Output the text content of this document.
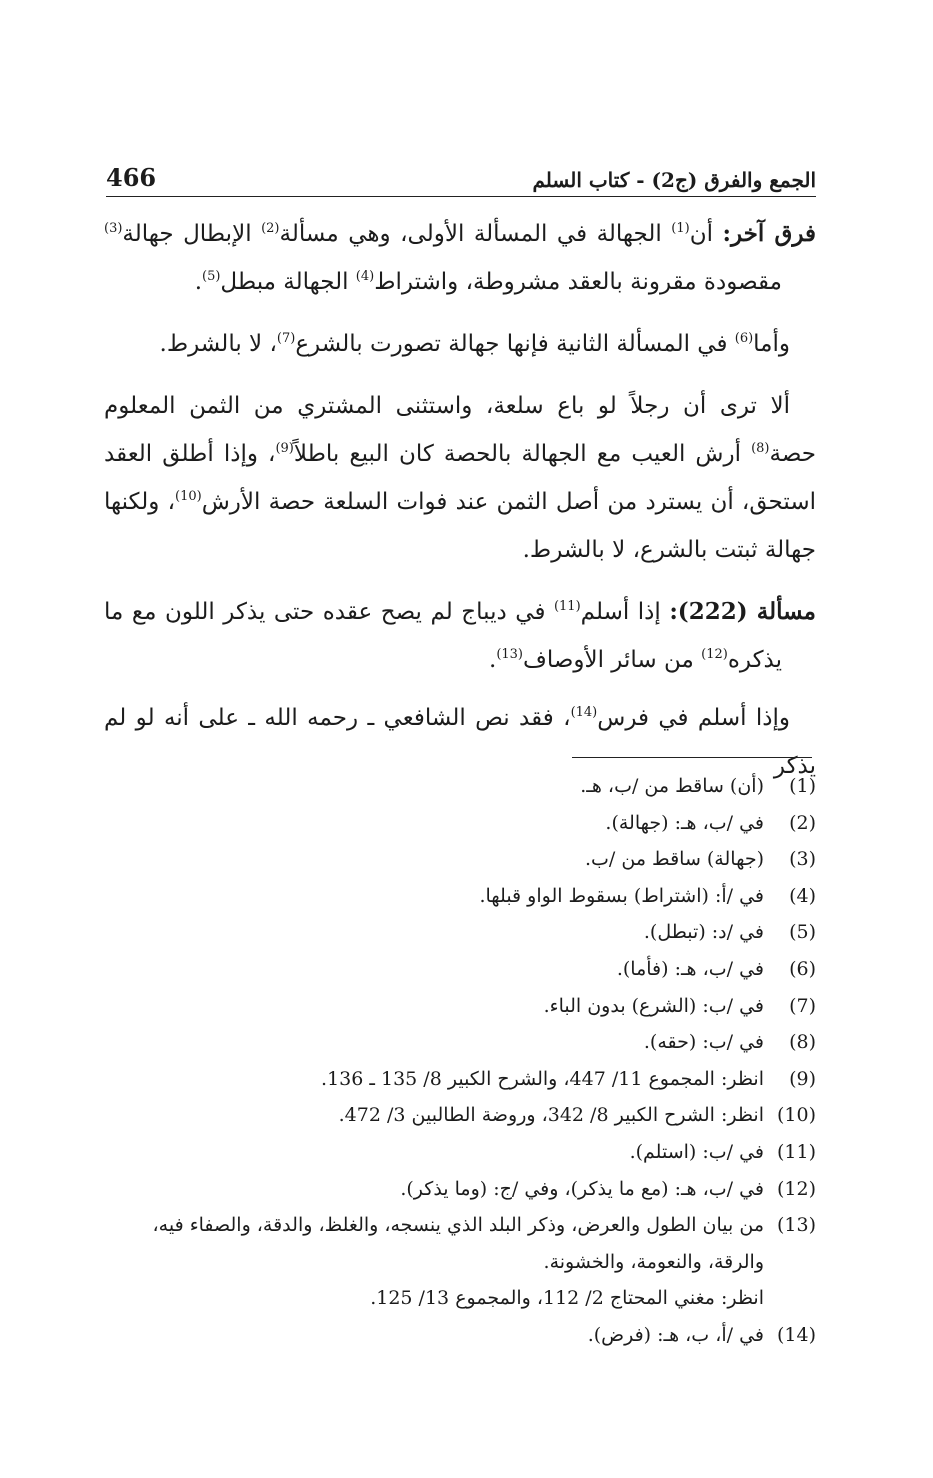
466	الجمع والفرق (ج2) - كتاب السلم

فرق آخر: أن$^{(1)}$ الجهالة في المسألة الأولى، وهي مسألة$^{(2)}$ الإبطال جهالة$^{(3)}$ مقصودة مقرونة بالعقد مشروطة، واشتراط$^{(4)}$ الجهالة مبطل$^{(5)}$.

وأما$^{(6)}$ في المسألة الثانية فإنها جهالة تصورت بالشرع$^{(7)}$، لا بالشرط.

ألا ترى أن رجلاً لو باع سلعة، واستثنى المشتري من الثمن المعلوم حصة$^{(8)}$ أرش العيب مع الجهالة بالحصة كان البيع باطلاً$^{(9)}$، وإذا أطلق العقد استحق، أن يسترد من أصل الثمن عند فوات السلعة حصة الأرش$^{(10)}$، ولكنها جهالة ثبتت بالشرع، لا بالشرط.

مسألة (222): إذا أسلم$^{(11)}$ في ديباج لم يصح عقده حتى يذكر اللون مع ما يذكره$^{(12)}$ من سائر الأوصاف$^{(13)}$.

وإذا أسلم في فرس$^{(14)}$، فقد نص الشافعي ـ رحمه الله ـ على أنه لو لم يذكر

(1)
(أن) ساقط من /ب، هـ.
(2)
في /ب، هـ: (جهالة).
(3)
(جهالة) ساقط من /ب.
(4)
في /أ: (اشتراط) بسقوط الواو قبلها.
(5)
في /د: (تبطل).
(6)
في /ب، هـ: (فأما).
(7)
في /ب: (الشرع) بدون الباء.
(8)
في /ب: (حقه).
(9)
انظر: المجموع 11/ 447، والشرح الكبير 8/ 135 ـ 136.
(10)
انظر: الشرح الكبير 8/ 342، وروضة الطالبين 3/ 472.
(11)
في /ب: (استلم).
(12)
في /ب، هـ: (مع ما يذكر)، وفي /ج: (وما يذكر).
(13)
من بيان الطول والعرض، وذكر البلد الذي ينسجه، والغلظ، والدقة، والصفاء فيه،
والرقة، والنعومة، والخشونة.
انظر: مغني المحتاج 2/ 112، والمجموع 13/ 125.
(14)
في /أ، ب، هـ: (فرض).
